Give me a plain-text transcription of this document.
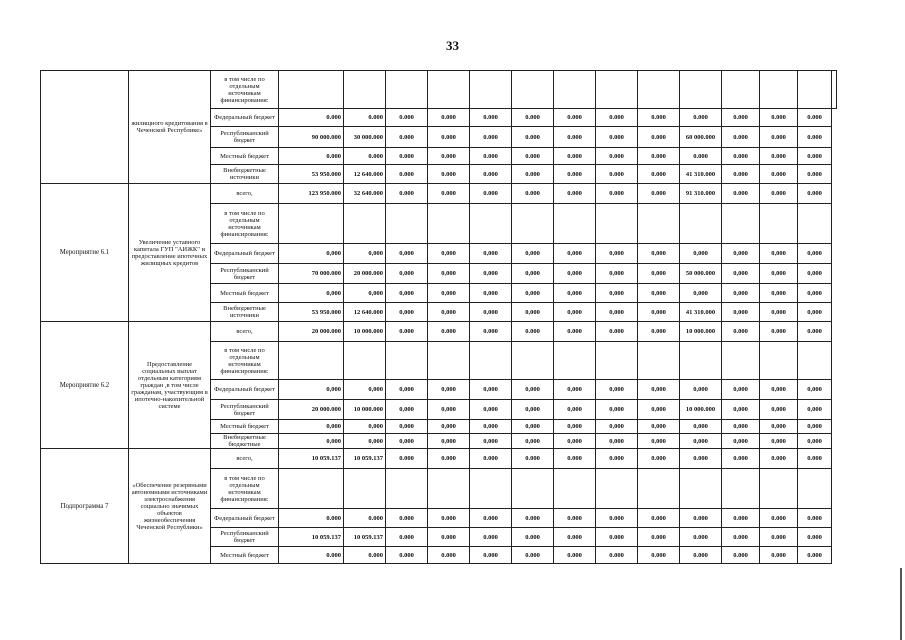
33
	жилищного кредитования в Чеченской Республике»	в том числе по отдельным источникам финансирования:														
		Федеральный бюджет	0.000	0.000	0.000	0.000	0.000	0.000	0.000	0.000	0.000	0.000	0.000	0.000	0.000	
		Республиканский бюджет	90 000.000	30 000.000	0.000	0.000	0.000	0.000	0.000	0.000	0.000	60 000.000	0.000	0.000	0.000	
		Местный бюджет	0.000	0.000	0.000	0.000	0.000	0.000	0.000	0.000	0.000	0.000	0.000	0.000	0.000	
		Внебюджетные источники	53 950.000	12 640.000	0.000	0.000	0.000	0.000	0.000	0.000	0.000	41 310.000	0.000	0.000	0.000	
Мероприятие 6.1	Увеличение уставного капитала ГУП "АИЖК" и предоставление ипотечных жилищных кредитов	всего,	123 950.000	32 640.000	0.000	0.000	0.000	0.000	0.000	0.000	0.000	91 310.000	0.000	0.000	0.000	
		в том числе по отдельным источникам финансирования:														
		Федеральный бюджет	0,000	0,000	0,000	0,000	0,000	0,000	0,000	0,000	0,000	0,000	0,000	0,000	0,000	
		Республиканский бюджет	70 000.000	20 000.000	0,000	0,000	0,000	0,000	0,000	0,000	0,000	50 000.000	0,000	0,000	0,000	
		Местный бюджет	0,000	0,000	0,000	0,000	0,000	0,000	0,000	0,000	0,000	0,000	0,000	0,000	0,000	
		Внебюджетные источники	53 950.000	12 640.000	0,000	0,000	0,000	0,000	0,000	0,000	0,000	41 310.000	0,000	0,000	0,000	
Мероприятие 6.2	Предоставление социальных выплат отдельным категориям граждан ,в том числе гражданам, участвующим в ипотечно-накопительной системе	всего,	20 000.000	10 000.000	0.000	0.000	0.000	0.000	0.000	0.000	0.000	10 000.000	0.000	0.000	0.000	
		в том числе по отдельным источникам финансирования:														
		Федеральный бюджет	0,000	0,000	0,000	0,000	0,000	0,000	0,000	0,000	0,000	0,000	0,000	0,000	0,000	
		Республиканский бюджет	20 000.000	10 000.000	0,000	0,000	0,000	0,000	0,000	0,000	0,000	10 000.000	0,000	0,000	0,000	
		Местный бюджет	0,000	0,000	0,000	0,000	0,000	0,000	0,000	0,000	0,000	0,000	0,000	0,000	0,000	
		Внебюджетные бюджетные	0,000	0,000	0,000	0,000	0,000	0,000	0,000	0,000	0,000	0,000	0,000	0,000	0,000	
Подпрограмма 7	«Обеспечение резервными автономными источниками электроснабжения социально значимых объектов жизнеобеспечения Чеченской Республики»	всего,	10 059.137	10 059.137	0.000	0.000	0.000	0.000	0.000	0.000	0.000	0.000	0.000	0.000	0.000	
		в том числе по отдельным источникам финансирования:														
		Федеральный бюджет	0.000	0.000	0.000	0.000	0.000	0.000	0.000	0.000	0.000	0.000	0.000	0.000	0.000	
		Республиканский бюджет	10 059.137	10 059.137	0.000	0.000	0.000	0.000	0.000	0.000	0.000	0.000	0.000	0.000	0.000	
		Местный бюджет	0.000	0.000	0.000	0.000	0.000	0.000	0.000	0.000	0.000	0.000	0.000	0.000	0.000	
